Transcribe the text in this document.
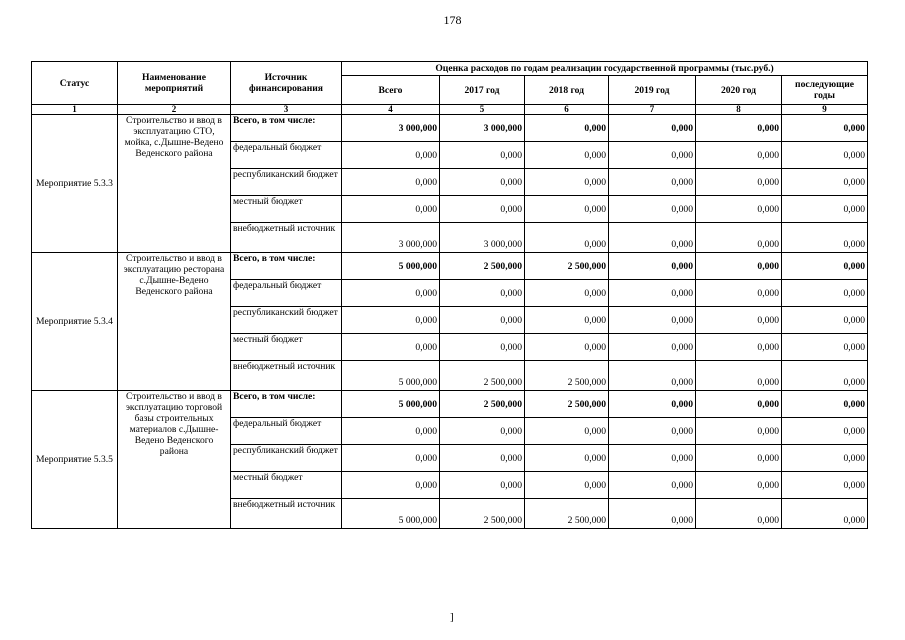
178
Статус	Наименование мероприятий	Источник финансирования	Оценка расходов по годам реализации государственной программы (тыс.руб.)					
			Всего	2017 год	2018 год	2019 год	2020 год	последующие годы
1	2	3	4	5	6	7	8	9
Мероприятие 5.3.3	Строительство и ввод в эксплуатацию СТО, мойка, с.Дышне-Ведено Веденского района	Всего, в том числе:	3 000,000	3 000,000	0,000	0,000	0,000	0,000
		федеральный бюджет	0,000	0,000	0,000	0,000	0,000	0,000
		республиканский бюджет	0,000	0,000	0,000	0,000	0,000	0,000
		местный бюджет	0,000	0,000	0,000	0,000	0,000	0,000
		внебюджетный источник	3 000,000	3 000,000	0,000	0,000	0,000	0,000
Мероприятие 5.3.4	Строительство и ввод в эксплуатацию ресторана с.Дышне-Ведено Веденского района	Всего, в том числе:	5 000,000	2 500,000	2 500,000	0,000	0,000	0,000
		федеральный бюджет	0,000	0,000	0,000	0,000	0,000	0,000
		республиканский бюджет	0,000	0,000	0,000	0,000	0,000	0,000
		местный бюджет	0,000	0,000	0,000	0,000	0,000	0,000
		внебюджетный источник	5 000,000	2 500,000	2 500,000	0,000	0,000	0,000
Мероприятие 5.3.5	Строительство и ввод в эксплуатацию торговой базы строительных материалов с.Дышне-Ведено Веденского района	Всего, в том числе:	5 000,000	2 500,000	2 500,000	0,000	0,000	0,000
		федеральный бюджет	0,000	0,000	0,000	0,000	0,000	0,000
		республиканский бюджет	0,000	0,000	0,000	0,000	0,000	0,000
		местный бюджет	0,000	0,000	0,000	0,000	0,000	0,000
		внебюджетный источник	5 000,000	2 500,000	2 500,000	0,000	0,000	0,000
]
